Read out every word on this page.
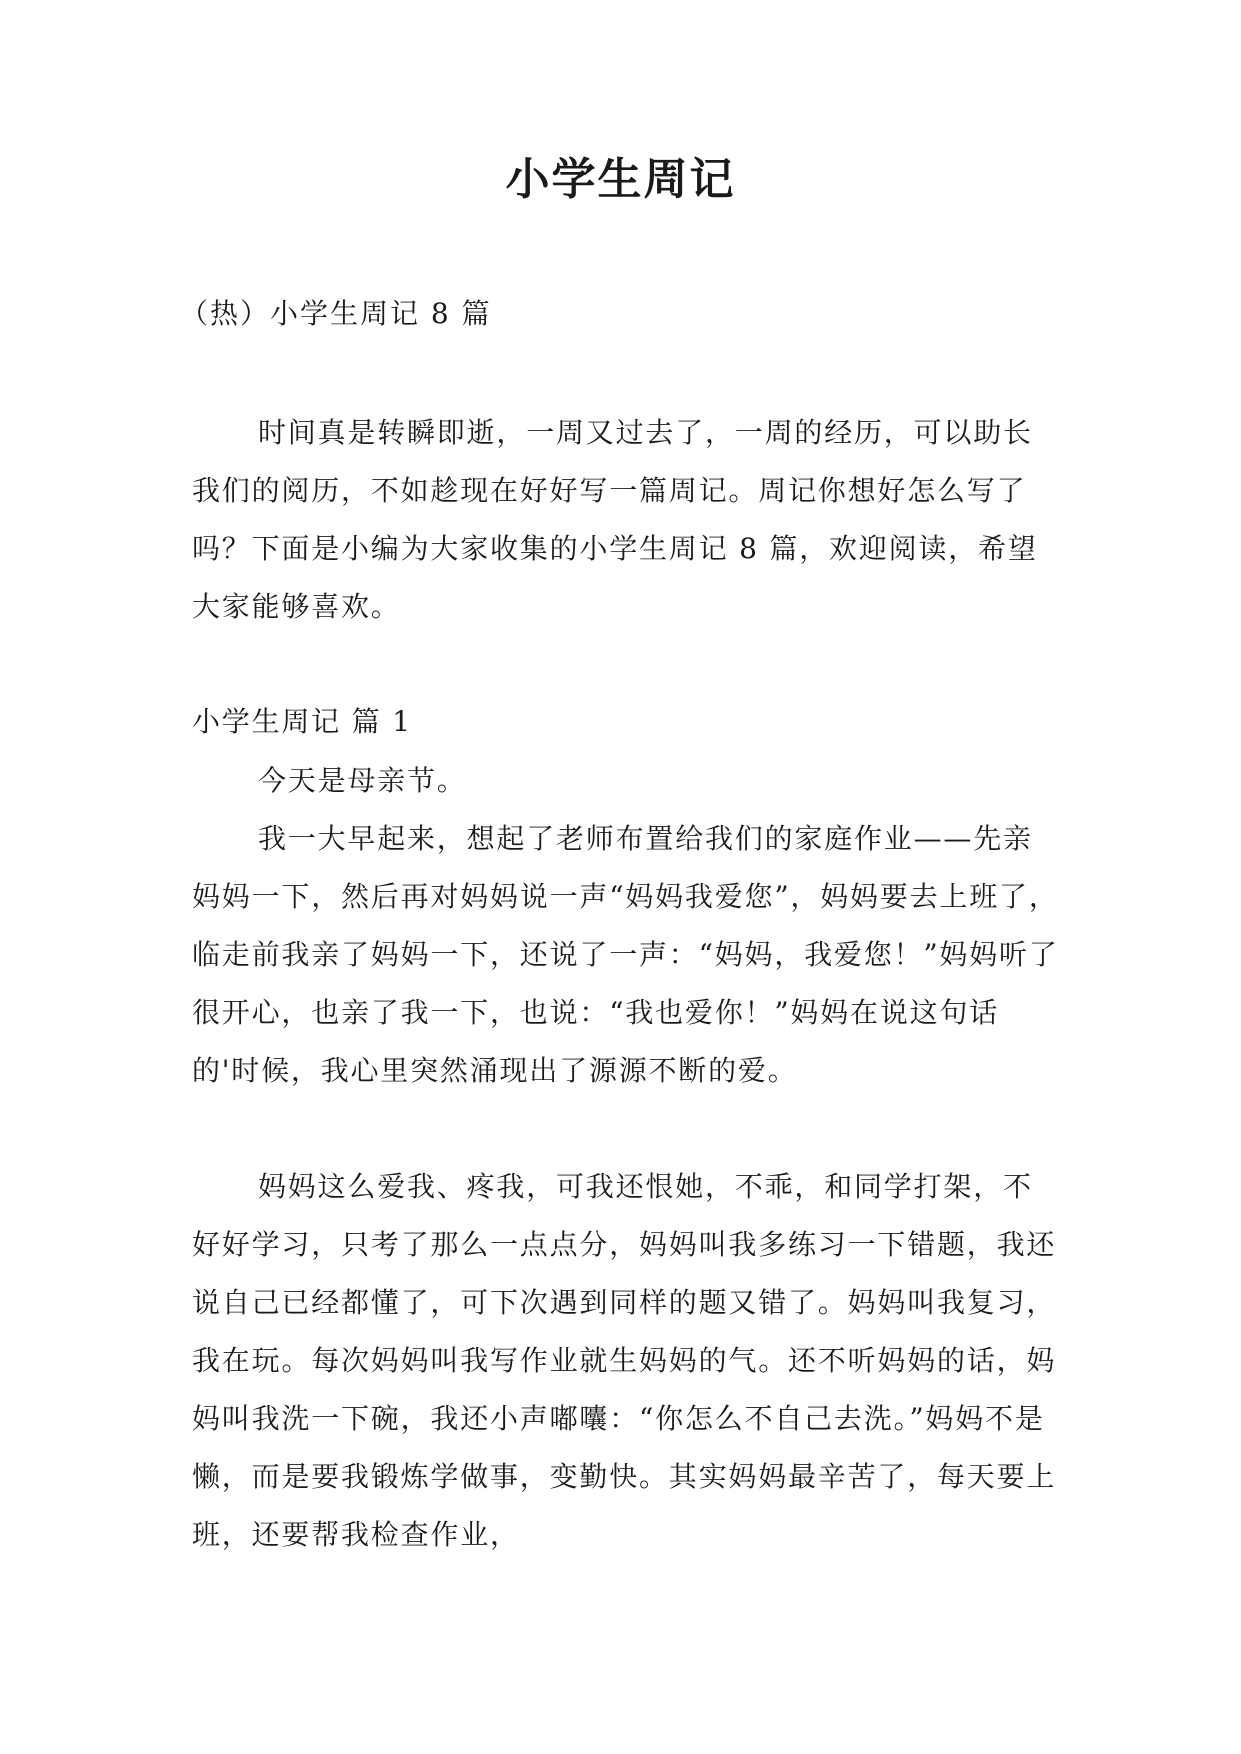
小学生周记

（热）小学生周记 8 篇

时间真是转瞬即逝，一周又过去了，一周的经历，可以助长我们的阅历，不如趁现在好好写一篇周记。周记你想好怎么写了吗？下面是小编为大家收集的小学生周记 8 篇，欢迎阅读，希望大家能够喜欢。

小学生周记 篇 1

今天是母亲节。

我一大早起来，想起了老师布置给我们的家庭作业——先亲妈妈一下，然后再对妈妈说一声“妈妈我爱您”，妈妈要去上班了，临走前我亲了妈妈一下，还说了一声：“妈妈，我爱您！”妈妈听了很开心，也亲了我一下，也说：“我也爱你！”妈妈在说这句话的'时候，我心里突然涌现出了源源不断的爱。

妈妈这么爱我、疼我，可我还恨她，不乖，和同学打架，不好好学习，只考了那么一点点分，妈妈叫我多练习一下错题，我还说自己已经都懂了，可下次遇到同样的题又错了。妈妈叫我复习，我在玩。每次妈妈叫我写作业就生妈妈的气。还不听妈妈的话，妈妈叫我洗一下碗，我还小声嘟囔：“你怎么不自己去洗。”妈妈不是懒，而是要我锻炼学做事，变勤快。其实妈妈最辛苦了，每天要上班，还要帮我检查作业，
